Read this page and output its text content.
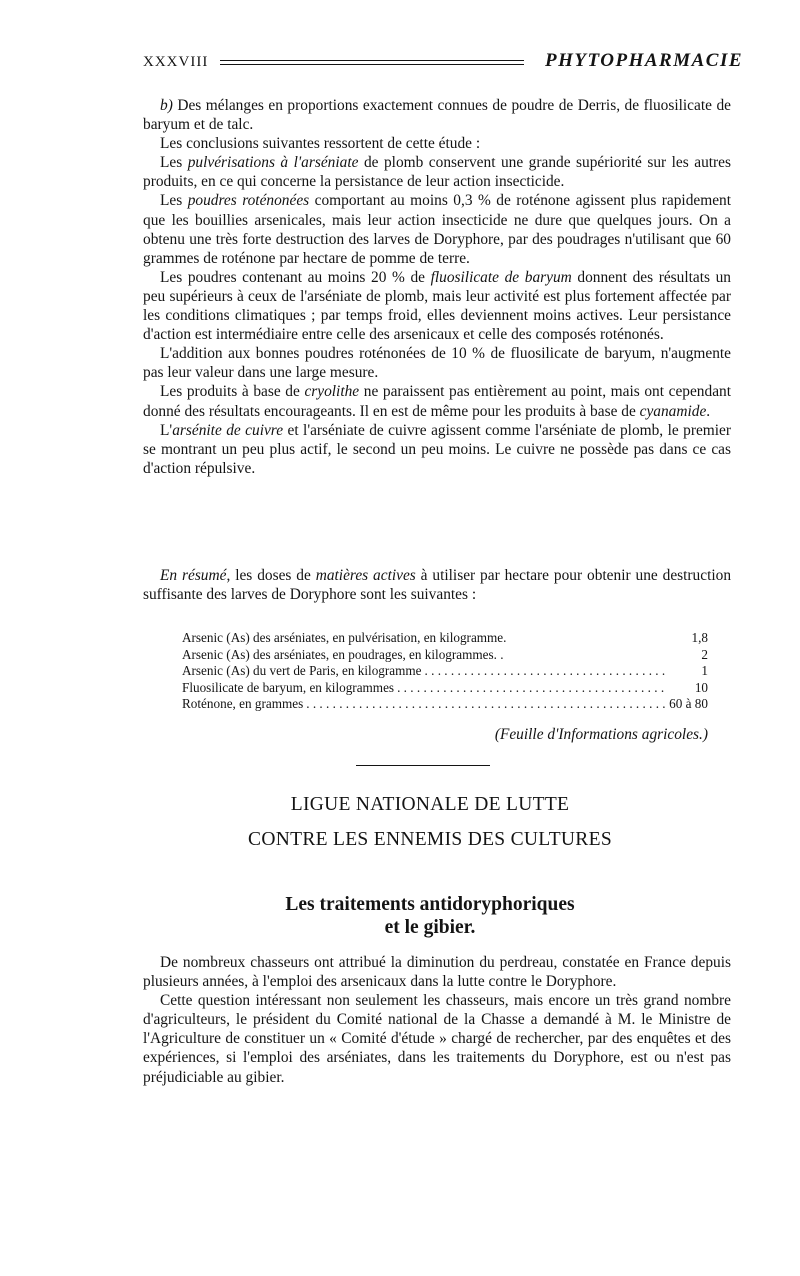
XXXVIII	PHYTOPHARMACIE

b) Des mélanges en proportions exactement connues de poudre de Derris, de fluosilicate de baryum et de talc.

Les conclusions suivantes ressortent de cette étude :

Les pulvérisations à l'arséniate de plomb conservent une grande supériorité sur les autres produits, en ce qui concerne la persistance de leur action insecticide.

Les poudres roténonées comportant au moins 0,3 % de roténone agissent plus rapidement que les bouillies arsenicales, mais leur action insecticide ne dure que quelques jours. On a obtenu une très forte destruction des larves de Doryphore, par des poudrages n'utilisant que 60 grammes de roténone par hectare de pomme de terre.

Les poudres contenant au moins 20 % de fluosilicate de baryum donnent des résultats un peu supérieurs à ceux de l'arséniate de plomb, mais leur activité est plus fortement affectée par les conditions climatiques ; par temps froid, elles deviennent moins actives. Leur persistance d'action est intermédiaire entre celle des arsenicaux et celle des composés roténonés.

L'addition aux bonnes poudres roténonées de 10 % de fluosilicate de baryum, n'augmente pas leur valeur dans une large mesure.

Les produits à base de cryolithe ne paraissent pas entièrement au point, mais ont cependant donné des résultats encourageants. Il en est de même pour les produits à base de cyanamide.

L'arsénite de cuivre et l'arséniate de cuivre agissent comme l'arséniate de plomb, le premier se montrant un peu plus actif, le second un peu moins. Le cuivre ne possède pas dans ce cas d'action répulsive.

En résumé, les doses de matières actives à utiliser par hectare pour obtenir une destruction suffisante des larves de Doryphore sont les suivantes :

Arsenic (As) des arséniates, en pulvérisation, en kilogramme.	1,8
Arsenic (As) des arséniates, en poudrages, en kilogrammes. .	2
Arsenic (As) du vert de Paris, en kilogramme . . .	1
Fluosilicate de baryum, en kilogrammes . . .	10
Roténone, en grammes . . .	60 à 80
(Feuille d'Informations agricoles.)
LIGUE NATIONALE DE LUTTE
CONTRE LES ENNEMIS DES CULTURES
Les traitements antidoryphoriques
et le gibier.

De nombreux chasseurs ont attribué la diminution du perdreau, constatée en France depuis plusieurs années, à l'emploi des arsenicaux dans la lutte contre le Doryphore.

Cette question intéressant non seulement les chasseurs, mais encore un très grand nombre d'agriculteurs, le président du Comité national de la Chasse a demandé à M. le Ministre de l'Agriculture de constituer un « Comité d'étude » chargé de rechercher, par des enquêtes et des expériences, si l'emploi des arséniates, dans les traitements du Doryphore, est ou n'est pas préjudiciable au gibier.
